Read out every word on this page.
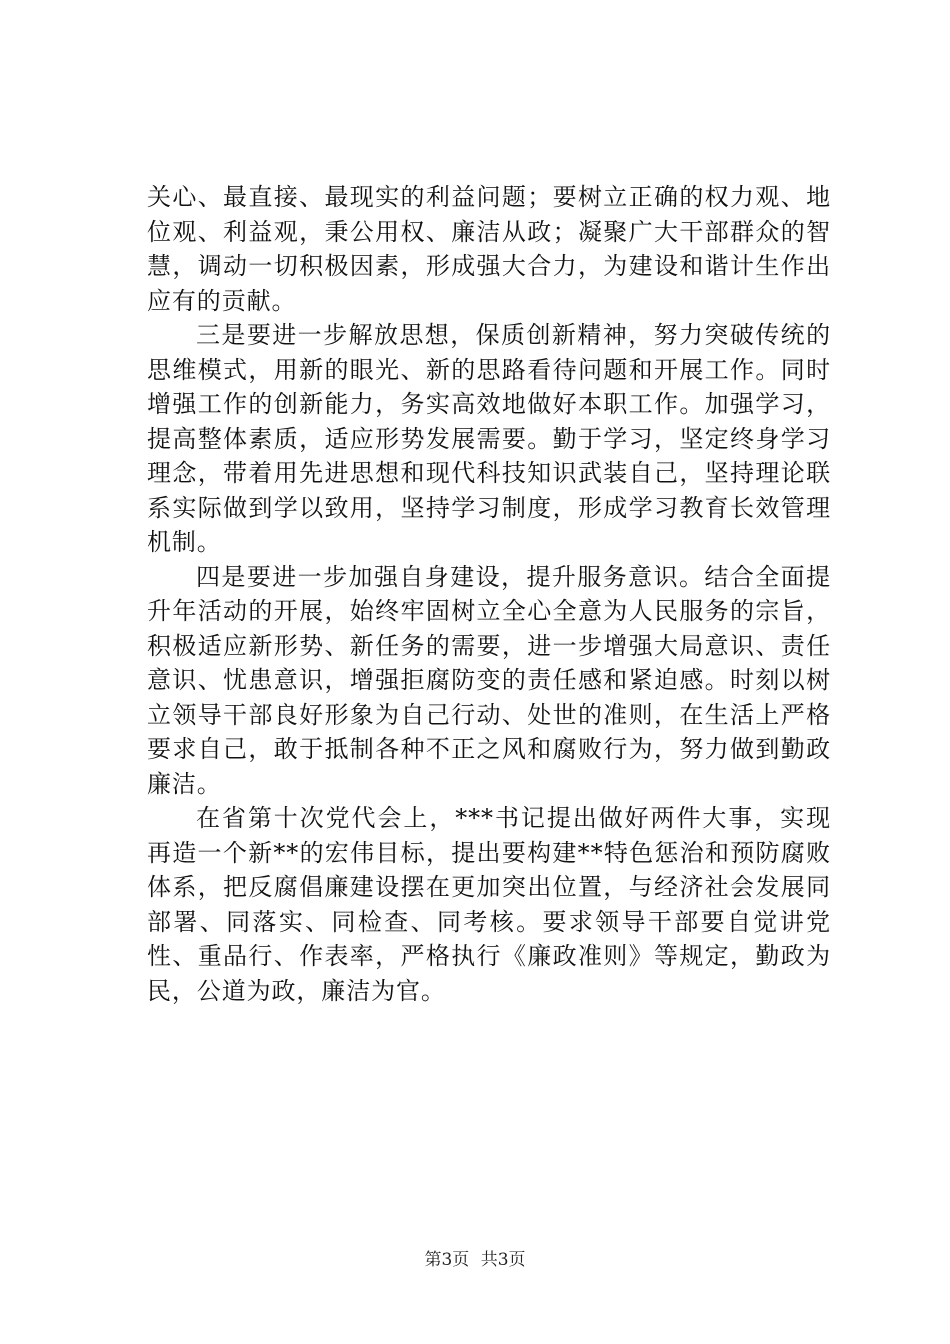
关心、最直接、最现实的利益问题；要树立正确的权力观、地位观、利益观，秉公用权、廉洁从政；凝聚广大干部群众的智慧，调动一切积极因素，形成强大合力，为建设和谐计生作出应有的贡献。

三是要进一步解放思想，保质创新精神，努力突破传统的思维模式，用新的眼光、新的思路看待问题和开展工作。同时增强工作的创新能力，务实高效地做好本职工作。加强学习，提高整体素质，适应形势发展需要。勤于学习，坚定终身学习理念，带着用先进思想和现代科技知识武装自己，坚持理论联系实际做到学以致用，坚持学习制度，形成学习教育长效管理机制。

四是要进一步加强自身建设，提升服务意识。结合全面提升年活动的开展，始终牢固树立全心全意为人民服务的宗旨，积极适应新形势、新任务的需要，进一步增强大局意识、责任意识、忧患意识，增强拒腐防变的责任感和紧迫感。时刻以树立领导干部良好形象为自己行动、处世的准则，在生活上严格要求自己，敢于抵制各种不正之风和腐败行为，努力做到勤政廉洁。

在省第十次党代会上，***书记提出做好两件大事，实现再造一个新**的宏伟目标，提出要构建**特色惩治和预防腐败体系，把反腐倡廉建设摆在更加突出位置，与经济社会发展同部署、同落实、同检查、同考核。要求领导干部要自觉讲党性、重品行、作表率，严格执行《廉政准则》等规定，勤政为民，公道为政，廉洁为官。

第3页 共3页
